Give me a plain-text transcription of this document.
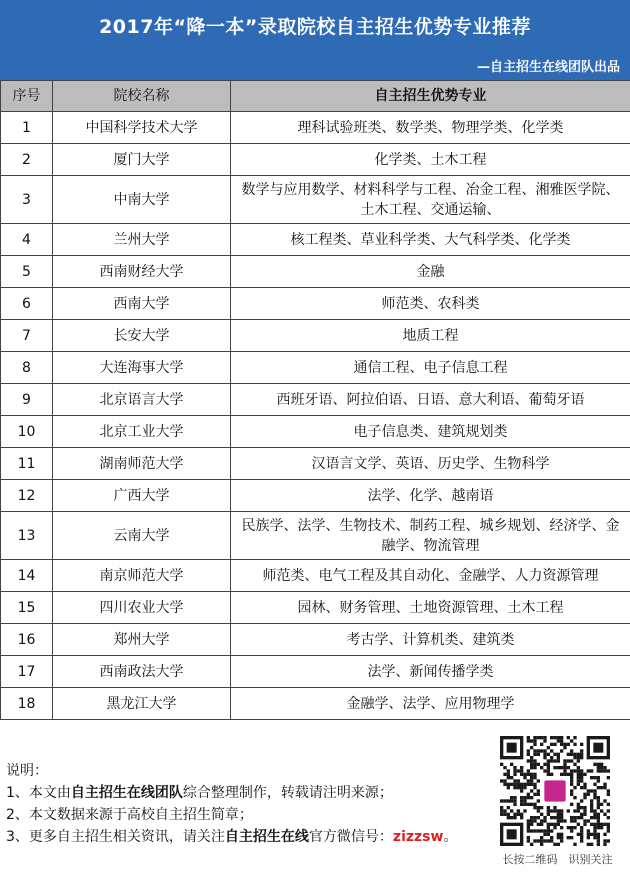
2017年“降一本”录取院校自主招生优势专业推荐
—自主招生在线团队出品
序号	院校名称	自主招生优势专业
1	中国科学技术大学	理科试验班类、数学类、物理学类、化学类
2	厦门大学	化学类、土木工程
3	中南大学	数学与应用数学、材料科学与工程、冶金工程、湘雅医学院、土木工程、交通运输、
4	兰州大学	核工程类、草业科学类、大气科学类、化学类
5	西南财经大学	金融
6	西南大学	师范类、农科类
7	长安大学	地质工程
8	大连海事大学	通信工程、电子信息工程
9	北京语言大学	西班牙语、阿拉伯语、日语、意大利语、葡萄牙语
10	北京工业大学	电子信息类、建筑规划类
11	湖南师范大学	汉语言文学、英语、历史学、生物科学
12	广西大学	法学、化学、越南语
13	云南大学	民族学、法学、生物技术、制药工程、城乡规划、经济学、金融学、物流管理
14	南京师范大学	师范类、电气工程及其自动化、金融学、人力资源管理
15	四川农业大学	园林、财务管理、土地资源管理、土木工程
16	郑州大学	考古学、计算机类、建筑类
17	西南政法大学	法学、新闻传播学类
18	黑龙江大学	金融学、法学、应用物理学
说明：
1、本文由自主招生在线团队综合整理制作，转载请注明来源；
2、本文数据来源于高校自主招生简章；
3、更多自主招生相关资讯，请关注自主招生在线官方微信号：zizzsw。
长按二维码　识别关注
